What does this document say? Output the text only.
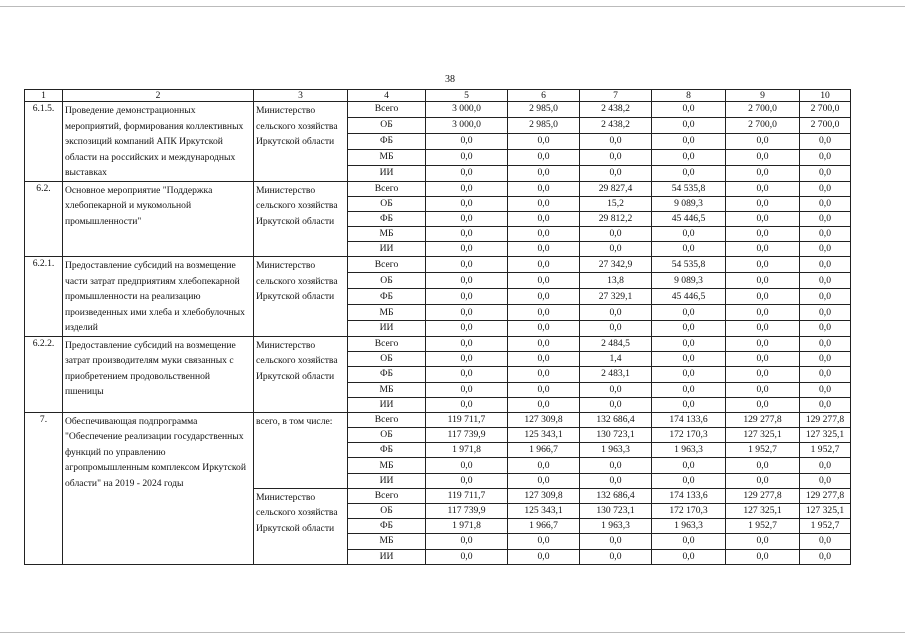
38
1	2	3	4	5	6	7	8	9	10
6.1.5.	Проведение демонстрационных мероприятий, формирования коллективных экспозиций компаний АПК Иркутской области на российских и международных выставках	Министерство сельского хозяйства Иркутской области	Всего	3 000,0	2 985,0	2 438,2	0,0	2 700,0	2 700,0
			ОБ	3 000,0	2 985,0	2 438,2	0,0	2 700,0	2 700,0
			ФБ	0,0	0,0	0,0	0,0	0,0	0,0
			МБ	0,0	0,0	0,0	0,0	0,0	0,0
			ИИ	0,0	0,0	0,0	0,0	0,0	0,0
6.2.	Основное мероприятие "Поддержка хлебопекарной и мукомольной промышленности"	Министерство сельского хозяйства Иркутской области	Всего	0,0	0,0	29 827,4	54 535,8	0,0	0,0
			ОБ	0,0	0,0	15,2	9 089,3	0,0	0,0
			ФБ	0,0	0,0	29 812,2	45 446,5	0,0	0,0
			МБ	0,0	0,0	0,0	0,0	0,0	0,0
			ИИ	0,0	0,0	0,0	0,0	0,0	0,0
6.2.1.	Предоставление субсидий на возмещение части затрат предприятиям хлебопекарной промышленности на реализацию произведенных ими хлеба и хлебобулочных изделий	Министерство сельского хозяйства Иркутской области	Всего	0,0	0,0	27 342,9	54 535,8	0,0	0,0
			ОБ	0,0	0,0	13,8	9 089,3	0,0	0,0
			ФБ	0,0	0,0	27 329,1	45 446,5	0,0	0,0
			МБ	0,0	0,0	0,0	0,0	0,0	0,0
			ИИ	0,0	0,0	0,0	0,0	0,0	0,0
6.2.2.	Предоставление субсидий на возмещение затрат производителям муки связанных с приобретением продовольственной пшеницы	Министерство сельского хозяйства Иркутской области	Всего	0,0	0,0	2 484,5	0,0	0,0	0,0
			ОБ	0,0	0,0	1,4	0,0	0,0	0,0
			ФБ	0,0	0,0	2 483,1	0,0	0,0	0,0
			МБ	0,0	0,0	0,0	0,0	0,0	0,0
			ИИ	0,0	0,0	0,0	0,0	0,0	0,0
7.	Обеспечивающая подпрограмма "Обеспечение реализации государственных функций по управлению агропромышленным комплексом Иркутской области" на 2019 - 2024 годы	всего, в том числе:	Всего	119 711,7	127 309,8	132 686,4	174 133,6	129 277,8	129 277,8
			ОБ	117 739,9	125 343,1	130 723,1	172 170,3	127 325,1	127 325,1
			ФБ	1 971,8	1 966,7	1 963,3	1 963,3	1 952,7	1 952,7
			МБ	0,0	0,0	0,0	0,0	0,0	0,0
			ИИ	0,0	0,0	0,0	0,0	0,0	0,0
		Министерство сельского хозяйства Иркутской области	Всего	119 711,7	127 309,8	132 686,4	174 133,6	129 277,8	129 277,8
			ОБ	117 739,9	125 343,1	130 723,1	172 170,3	127 325,1	127 325,1
			ФБ	1 971,8	1 966,7	1 963,3	1 963,3	1 952,7	1 952,7
			МБ	0,0	0,0	0,0	0,0	0,0	0,0
			ИИ	0,0	0,0	0,0	0,0	0,0	0,0
